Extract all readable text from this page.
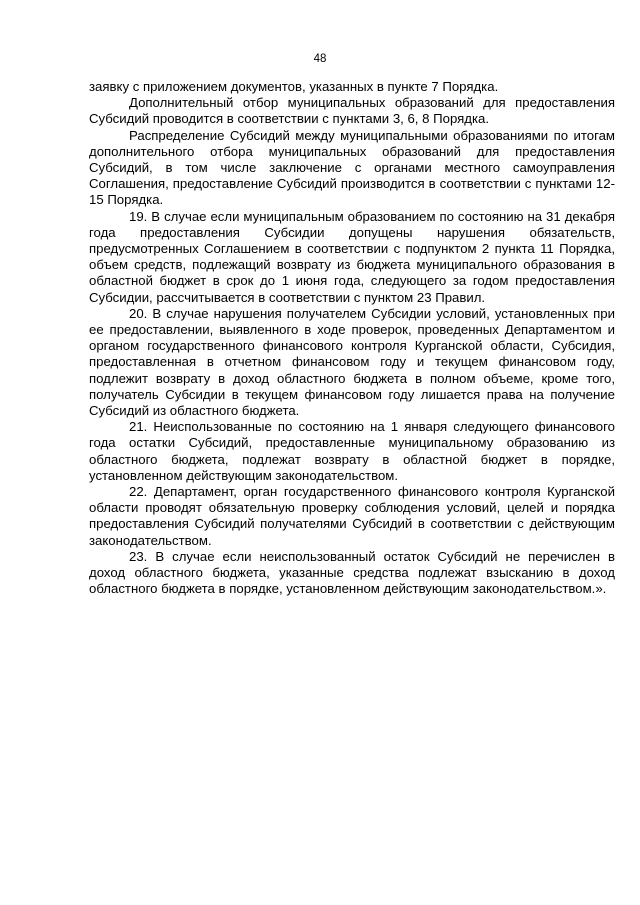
48

заявку с приложением документов, указанных в пункте 7 Порядка.

Дополнительный отбор муниципальных образований для предоставления Субсидий проводится в соответствии с пунктами 3, 6, 8 Порядка.

Распределение Субсидий между муниципальными образованиями по итогам дополнительного отбора муниципальных образований для предоставления Субсидий, в том числе заключение с органами местного самоуправления Соглашения, предоставление Субсидий производится в соответствии с пунктами 12-15 Порядка.

19. В случае если муниципальным образованием по состоянию на 31 декабря года предоставления Субсидии допущены нарушения обязательств, предусмотренных Соглашением в соответствии с подпунктом 2 пункта 11 Порядка, объем средств, подлежащий возврату из бюджета муниципального образования в областной бюджет в срок до 1 июня года, следующего за годом предоставления Субсидии, рассчитывается в соответствии с пунктом 23 Правил.

20. В случае нарушения получателем Субсидии условий, установленных при ее предоставлении, выявленного в ходе проверок, проведенных Департаментом и органом государственного финансового контроля Курганской области, Субсидия, предоставленная в отчетном финансовом году и текущем финансовом году, подлежит возврату в доход областного бюджета в полном объеме, кроме того, получатель Субсидии в текущем финансовом году лишается права на получение Субсидий из областного бюджета.

21. Неиспользованные по состоянию на 1 января следующего финансового года остатки Субсидий, предоставленные муниципальному образованию из областного бюджета, подлежат возврату в областной бюджет в порядке, установленном действующим законодательством.

22. Департамент, орган государственного финансового контроля Курганской области проводят обязательную проверку соблюдения условий, целей и порядка предоставления Субсидий получателями Субсидий в соответствии с действующим законодательством.

23. В случае если неиспользованный остаток Субсидий не перечислен в доход областного бюджета, указанные средства подлежат взысканию в доход областного бюджета в порядке, установленном действующим законодательством.».
